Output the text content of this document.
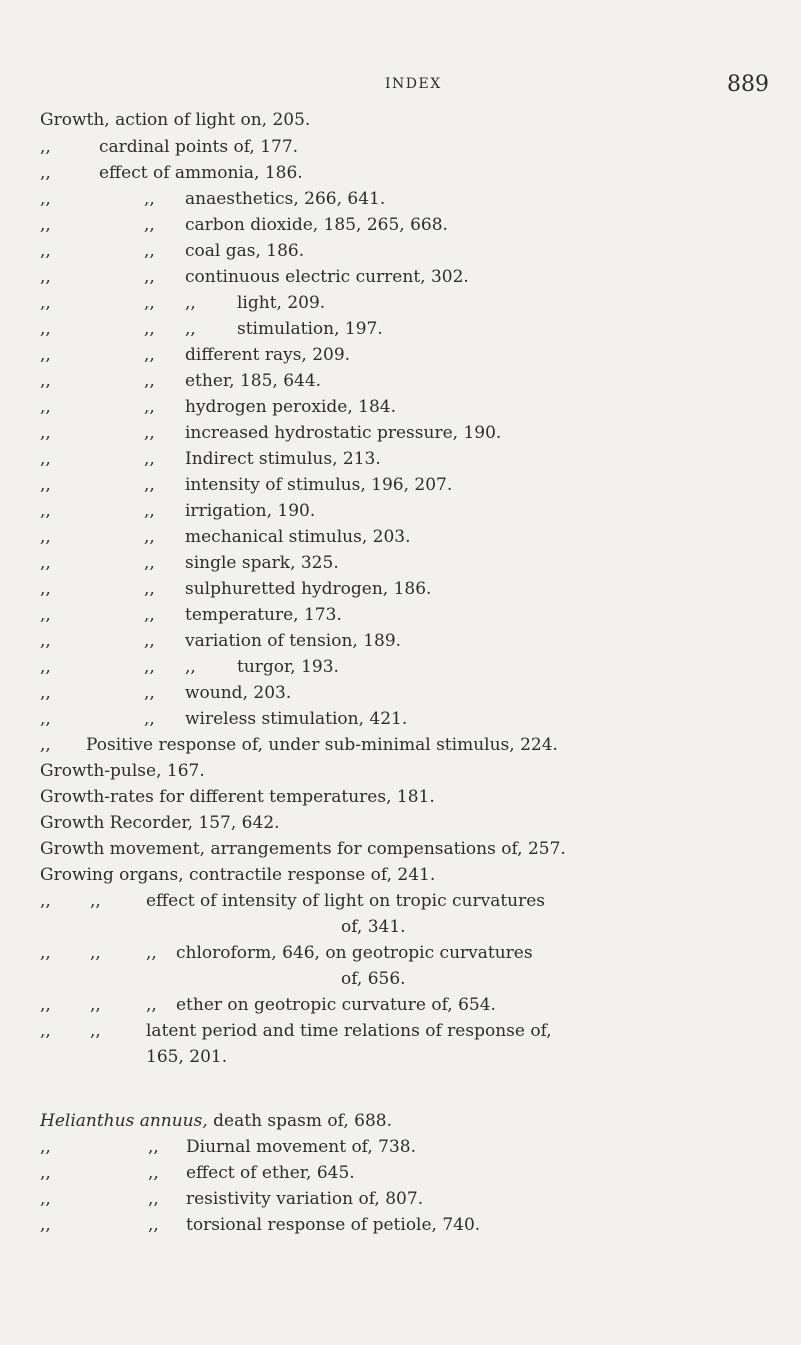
INDEX	889
Growth, action of light on, 205.
,,	cardinal points of, 177.
,,	effect of ammonia, 186.
,,	,, anaesthetics, 266, 641.
,,	,, carbon dioxide, 185, 265, 668.
,,	,, coal gas, 186.
,,	,, continuous electric current, 302.
,,	,, ,, light, 209.
,,	,, ,, stimulation, 197.
,,	,, different rays, 209.
,,	,, ether, 185, 644.
,,	,, hydrogen peroxide, 184.
,,	,, increased hydrostatic pressure, 190.
,,	,, Indirect stimulus, 213.
,,	,, intensity of stimulus, 196, 207.
,,	,, irrigation, 190.
,,	,, mechanical stimulus, 203.
,,	,, single spark, 325.
,,	,, sulphuretted hydrogen, 186.
,,	,, temperature, 173.
,,	,, variation of tension, 189.
,,	,, ,, turgor, 193.
,,	,, wound, 203.
,,	,, wireless stimulation, 421.
,, Positive response of, under sub-minimal stimulus, 224.
Growth-pulse, 167.
Growth-rates for different temperatures, 181.
Growth Recorder, 157, 642.
Growth movement, arrangements for compensations of, 257.
Growing organs, contractile response of, 241.
,, ,,	effect of intensity of light on tropic curvatures
of, 341.
,, ,,	,, chloroform, 646, on geotropic curvatures
of, 656.
,, ,,	,, ether on geotropic curvature of, 654.
,, ,,	latent period and time relations of response of,
165, 201.
Helianthus annuus, death spasm of, 688.
,,	,, Diurnal movement of, 738.
,,	,, effect of ether, 645.
,,	,, resistivity variation of, 807.
,,	,, torsional response of petiole, 740.
